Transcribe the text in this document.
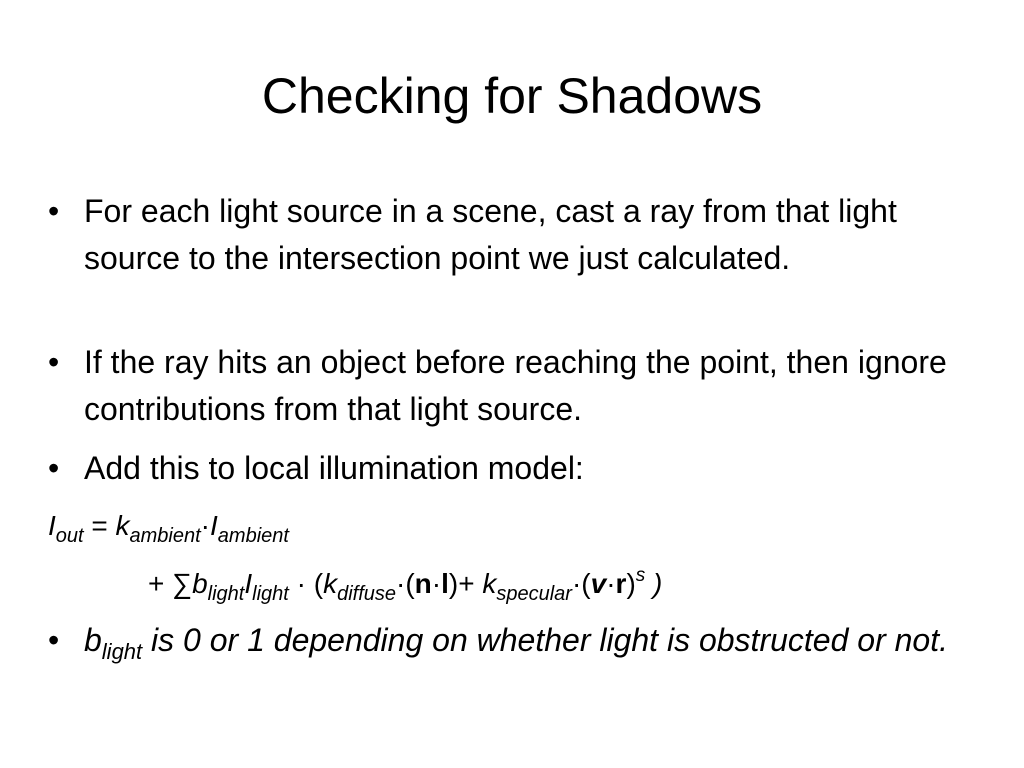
Checking for Shadows
• For each light source in a scene, cast a ray from that light source to the intersection point we just calculated.
• If the ray hits an object before reaching the point, then ignore contributions from that light source.
• Add this to local illumination model:
$I_{out} = k_{ambient}\cdot I_{ambient}$
+ $\sum b_{light}I_{light} \cdot (k_{diffuse}\cdot(n\cdot l)+ k_{specular}\cdot(v\cdot r)^s$ )
• $b_{light}$ is 0 or 1 depending on whether light is obstructed or not.
